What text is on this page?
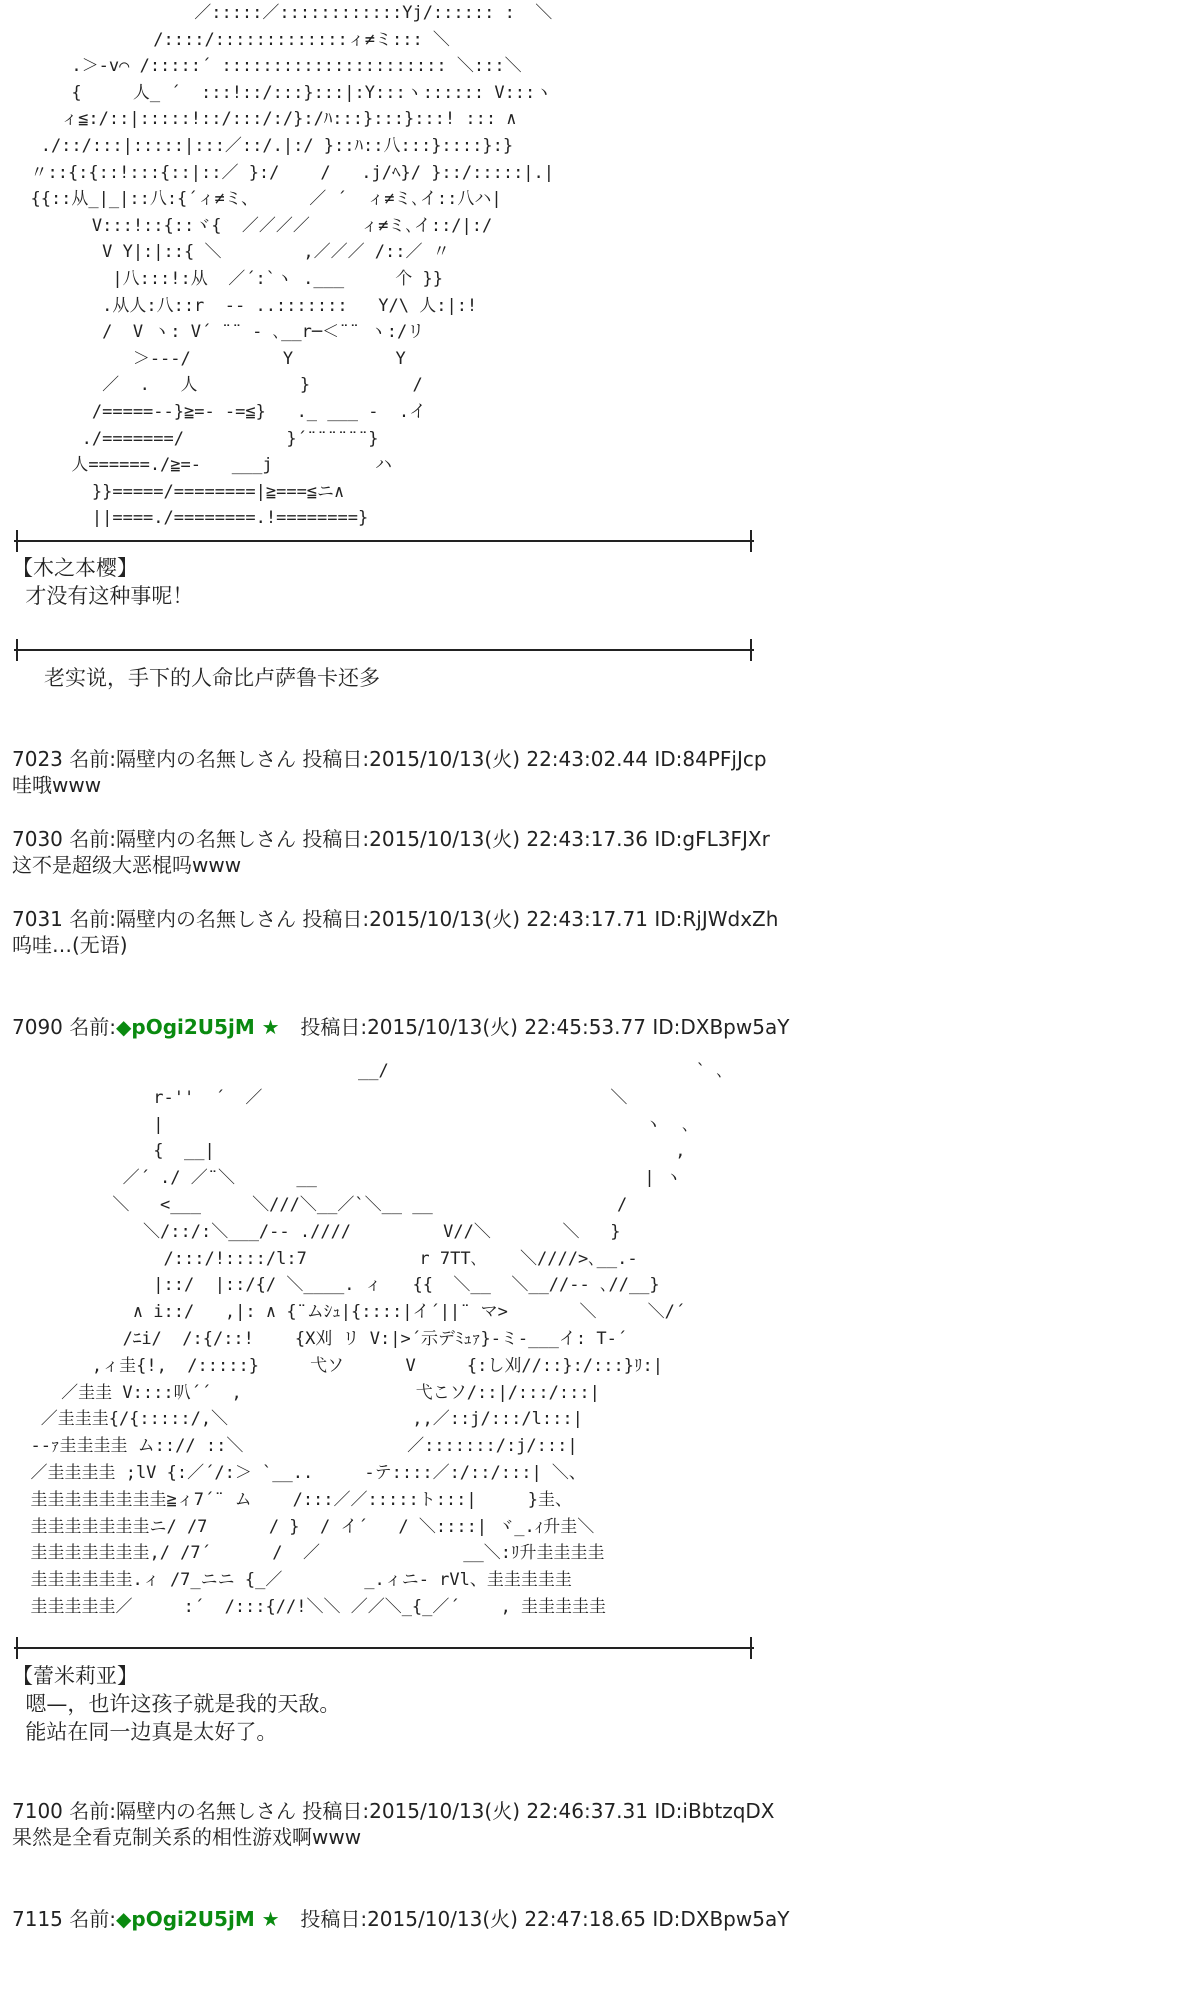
／:::::／::::::::::::Yj/:::::: :  ＼
/::::/:::::::::::::ィ≠ミ::: ＼
.＞-v⌒ /:::::´ :::::::::::::::::::::: ＼:::＼
{     人_ ´  :::!::/:::}:::|:Y:::ヽ:::::: V:::ヽ
ィ≦:/::|:::::!::/:::/:/}:/ﾊ:::}:::}:::! ::: ∧
./::/:::|:::::|:::／::/.|:/ }::ﾊ::八:::}::::}:}
〃::{:{::!:::{::|::／ }:/    /   .j/ﾍ}/ }::/:::::|.|
{{::从_|_|::八:{´ィ≠ミ、     ／ ´  ィ≠ミ､イ::八ハ|
V:::!::{::ヾ{  ／／／／     ィ≠ミ､イ::/|:/
V Y|:|::{ ＼        ,／／／ /::／ 〃
|八:::!:从  ／´:`ヽ .___     个 }}
.从人:八::r  -‐ ..:::::::   Y/\ 人:|:!
/  V ヽ: V´ ¨¨ ‐ ､__r─＜¨¨ ヽ:/リ
＞‐‐‐/         Y          Y
／  .   人          }          /
/=====‐‐}≧=‐ ‐=≦}   ._ ___ -  .イ
./=======/          }´¨¨¨¨¨¨}
人======./≧=‐   ___j          ハ
}}=====/========|≧===≦ニ∧
||====./========.!========}
【木之本樱】
才没有这种事呢！
老实说，手下的人命比卢萨鲁卡还多
7023 名前:隔壁内の名無しさん 投稿日:2015/10/13(火) 22:43:02.44 ID:84PFjJcp
哇哦www
7030 名前:隔壁内の名無しさん 投稿日:2015/10/13(火) 22:43:17.36 ID:gFL3FJXr
这不是超级大恶棍吗www
7031 名前:隔壁内の名無しさん 投稿日:2015/10/13(火) 22:43:17.71 ID:RjJWdxZh
呜哇…(无语)
7090 名前:◆pOgi2U5jM ★ 投稿日:2015/10/13(火) 22:45:53.77 ID:DXBpw5aY
__/                              ` ､
r‐''  ´  ／                                  ＼
|                                               ヽ  ､
{  __|                                             ,
／´ ./ ／¨＼      __                                | ヽ
＼   <___     ＼///＼__／`＼__ __                  /
＼/::/:＼___/‐‐ .////         V//＼       ＼   }
/:::/!::::/l:7           r 7TT､    ＼////>､__.-
|::/  |::/{/ ＼____. ィ   {{  ＼__  ＼__//‐‐ ､//__}
∧ i::/   ,|: ∧ {¨ムｼｭ|{::::|イ´||¨ マ>       ＼     ＼/´
/ﾆi/  /:{/::!    {X刈 リ V:|>´示デﾐｭｧ}-ミ-___イ: T‐´
,ィ圭{!,  /:::::}     弋ソ      V     {:し刈//::}:/:::}ﾘ:|
／圭圭 V::::叭´´  ,                 弋こソ/::|/:::/:::|
／圭圭圭{/{:::::/,＼                  ,,／::j/:::/l:::|
-‐ｧ圭圭圭圭 ム::// ::＼                ／:::::::/:j/:::|
／圭圭圭圭 ;lV {:／´/:＞ `__..     -テ::::／:/::/:::| ＼、
圭圭圭圭圭圭圭圭≧ィ7´¨ ム    /:::／／:::::ト:::|     }圭、
圭圭圭圭圭圭圭ニ/ /7      / }  / イ´   / ＼::::| ヾ_.ｨ升圭＼
圭圭圭圭圭圭圭,/ /7´      /  ／              __＼:ﾘ升圭圭圭圭
圭圭圭圭圭圭.ィ /7_ニニ {_／        _.ィニ‐ rVl、圭圭圭圭圭
圭圭圭圭圭／     :´  /:::{//!＼＼ ／／＼_{_／´    , 圭圭圭圭圭
【蕾米莉亚】
嗯—，也许这孩子就是我的天敌。
能站在同一边真是太好了。
7100 名前:隔壁内の名無しさん 投稿日:2015/10/13(火) 22:46:37.31 ID:iBbtzqDX
果然是全看克制关系的相性游戏啊www
7115 名前:◆pOgi2U5jM ★ 投稿日:2015/10/13(火) 22:47:18.65 ID:DXBpw5aY
